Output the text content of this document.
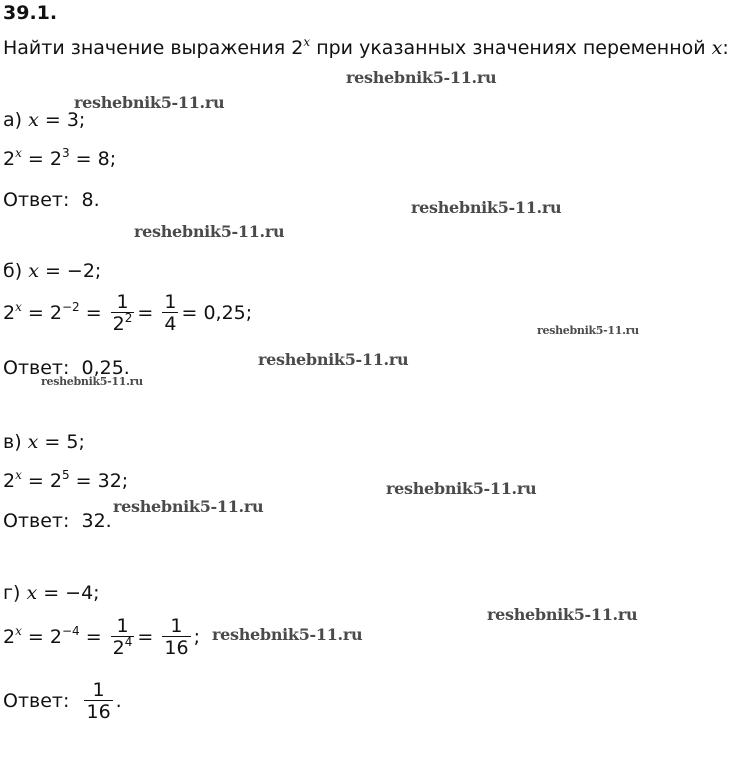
39.1.
Найти значение выражения 2$^x$ при указанных значениях переменной x:
а) x = 3;
$2^x = 2^3 = 8$;
Ответ: 8.
б) x = −2;
$2^x = 2^{-2} = \frac{1}{2^2} = \frac{1}{4} = 0,25$;
Ответ: 0,25.
в) x = 5;
$2^x = 2^5 = 32$;
Ответ: 32.
г) x = −4;
$2^x = 2^{-4} = \frac{1}{2^4} = \frac{1}{16}$ ;
Ответ: $\frac{1}{16}$ .
reshebnik5-11.ru
reshebnik5-11.ru
reshebnik5-11.ru
reshebnik5-11.ru
reshebnik5-11.ru
reshebnik5-11.ru
reshebnik5-11.ru
reshebnik5-11.ru
reshebnik5-11.ru
reshebnik5-11.ru
reshebnik5-11.ru
